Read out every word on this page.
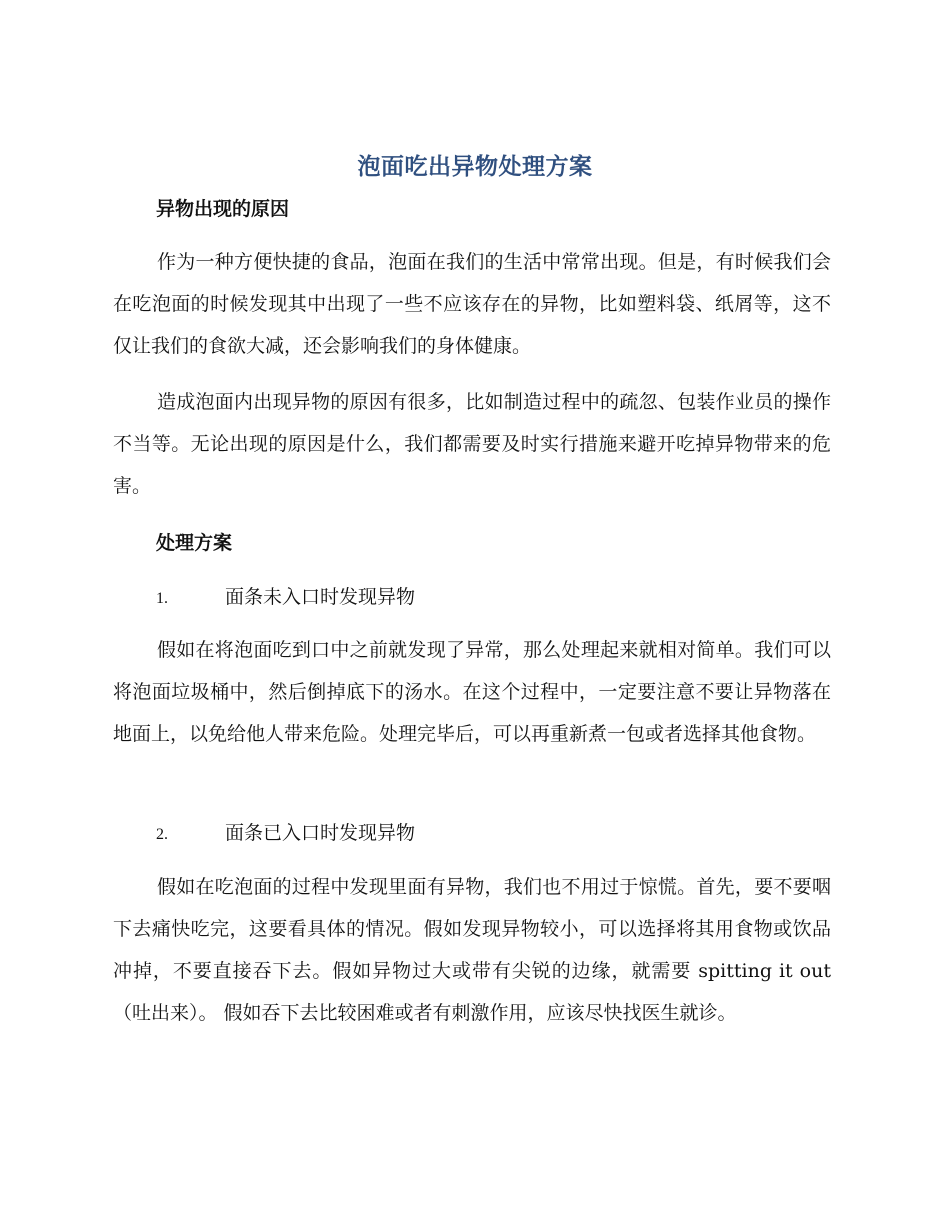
泡面吃出异物处理方案
异物出现的原因

作为一种方便快捷的食品，泡面在我们的生活中常常出现。但是，有时候我们会在吃泡面的时候发现其中出现了一些不应该存在的异物，比如塑料袋、纸屑等，这不仅让我们的食欲大减，还会影响我们的身体健康。

造成泡面内出现异物的原因有很多，比如制造过程中的疏忽、包装作业员的操作不当等。无论出现的原因是什么，我们都需要及时实行措施来避开吃掉异物带来的危害。

处理方案
1.	面条未入口时发现异物

假如在将泡面吃到口中之前就发现了异常，那么处理起来就相对简单。我们可以将泡面垃圾桶中，然后倒掉底下的汤水。在这个过程中，一定要注意不要让异物落在地面上，以免给他人带来危险。处理完毕后，可以再重新煮一包或者选择其他食物。

2.	面条已入口时发现异物

假如在吃泡面的过程中发现里面有异物，我们也不用过于惊慌。首先，要不要咽下去痛快吃完，这要看具体的情况。假如发现异物较小，可以选择将其用食物或饮品冲掉，不要直接吞下去。假如异物过大或带有尖锐的边缘，就需要 spitting it out（吐出来）。 假如吞下去比较困难或者有刺激作用，应该尽快找医生就诊。
